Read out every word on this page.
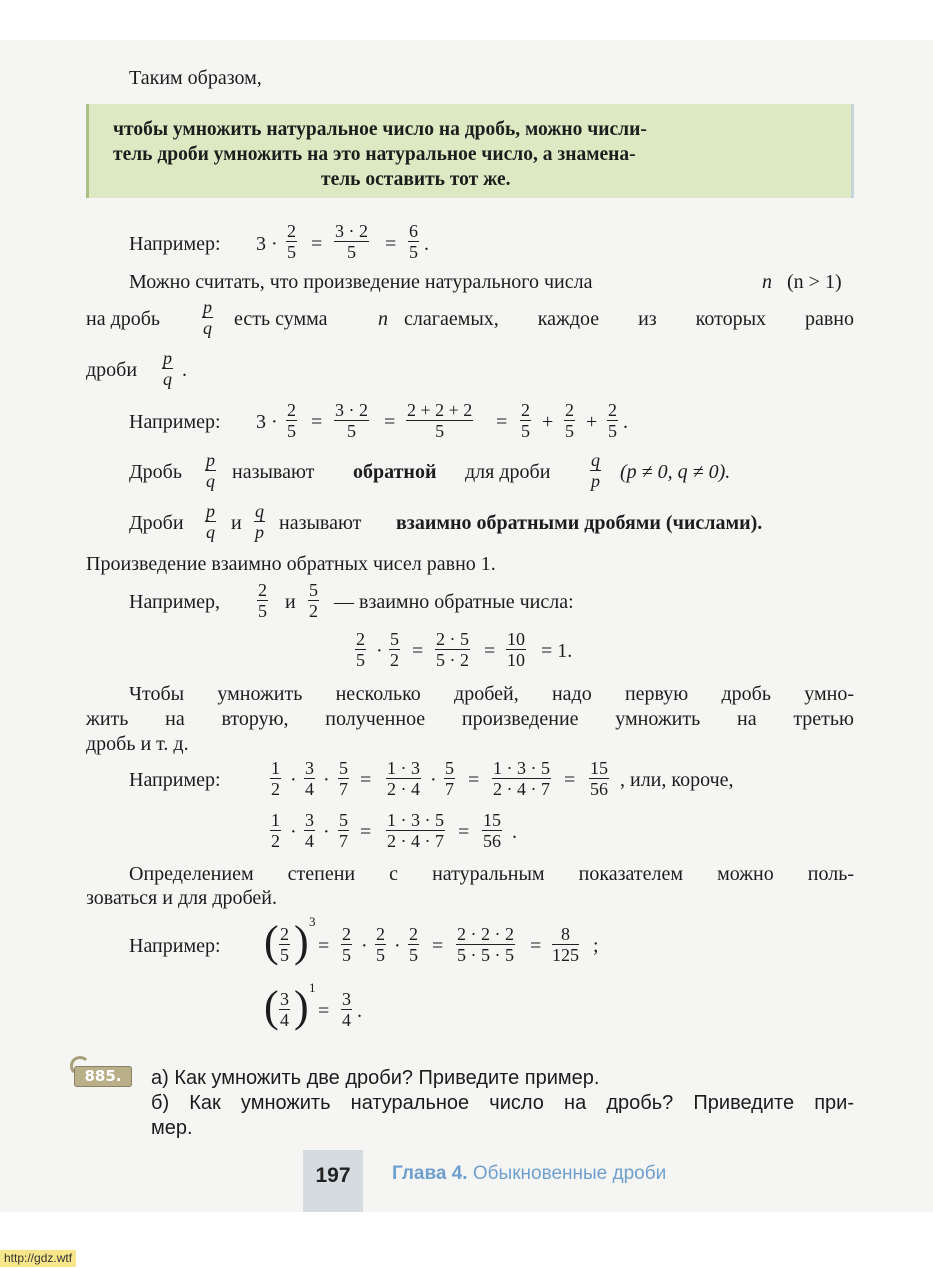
Таким образом,
чтобы умножить натуральное число на дробь, можно числи-
тель дроби умножить на это натуральное число, а знамена-
тель оставить тот же.
Например: 3 ·
2
5 =
3 · 2
5	=
6
5 .
Можно считать, что произведение натурального числа	n (n > 1)
на дробь
p
q есть сумма	n слагаемых, каждое из которых равно
дроби
p
q .
Например: 3 ·
2
5 =
3 · 2
5	=
2 + 2 + 2
5	=
2
5 +
2
5 +
2
5 .
Дробь
p
q называют обратной для дроби
q
p (p ≠ 0, q ≠ 0).
Дроби
p
q и
q
p называют взаимно обратными дробями (числами).
Произведение взаимно обратных чисел равно 1.
Например,
2
5 и
5
2 — взаимно обратные числа:
2
5 ·
5
2 =
2 · 5
5 · 2 =
10
10 = 1.
Чтобы умножить несколько дробей, надо первую дробь умно-
жить на вторую, полученное произведение умножить на третью
дробь и т. д.
Например:	, или, короче,
.
Определением степени с натуральным показателем можно поль-
зоваться и для дробей.
Например: ( 2
5 ) 3
;
( 3
4 ) 1
=
3
4 .
885.	а) Как умножить две дроби? Приведите пример.
б) Как умножить натуральное число на дробь? Приведите при-
мер.
197	Глава 4. Обыкновенные дроби
http://gdz.wtf
1
2
3
4
5
7
1 · 3
2 · 4
5
7
1 · 3 · 5
2 · 4 · 7
15
56
· · =	· =	=
1
2
3
4
5
7
1 · 3 · 5
2 · 4 · 7
15
56
· · =	=
2
5
2
5
2
5
2 · 2 · 2
5 · 5 · 5
8
125
= · · =	=
